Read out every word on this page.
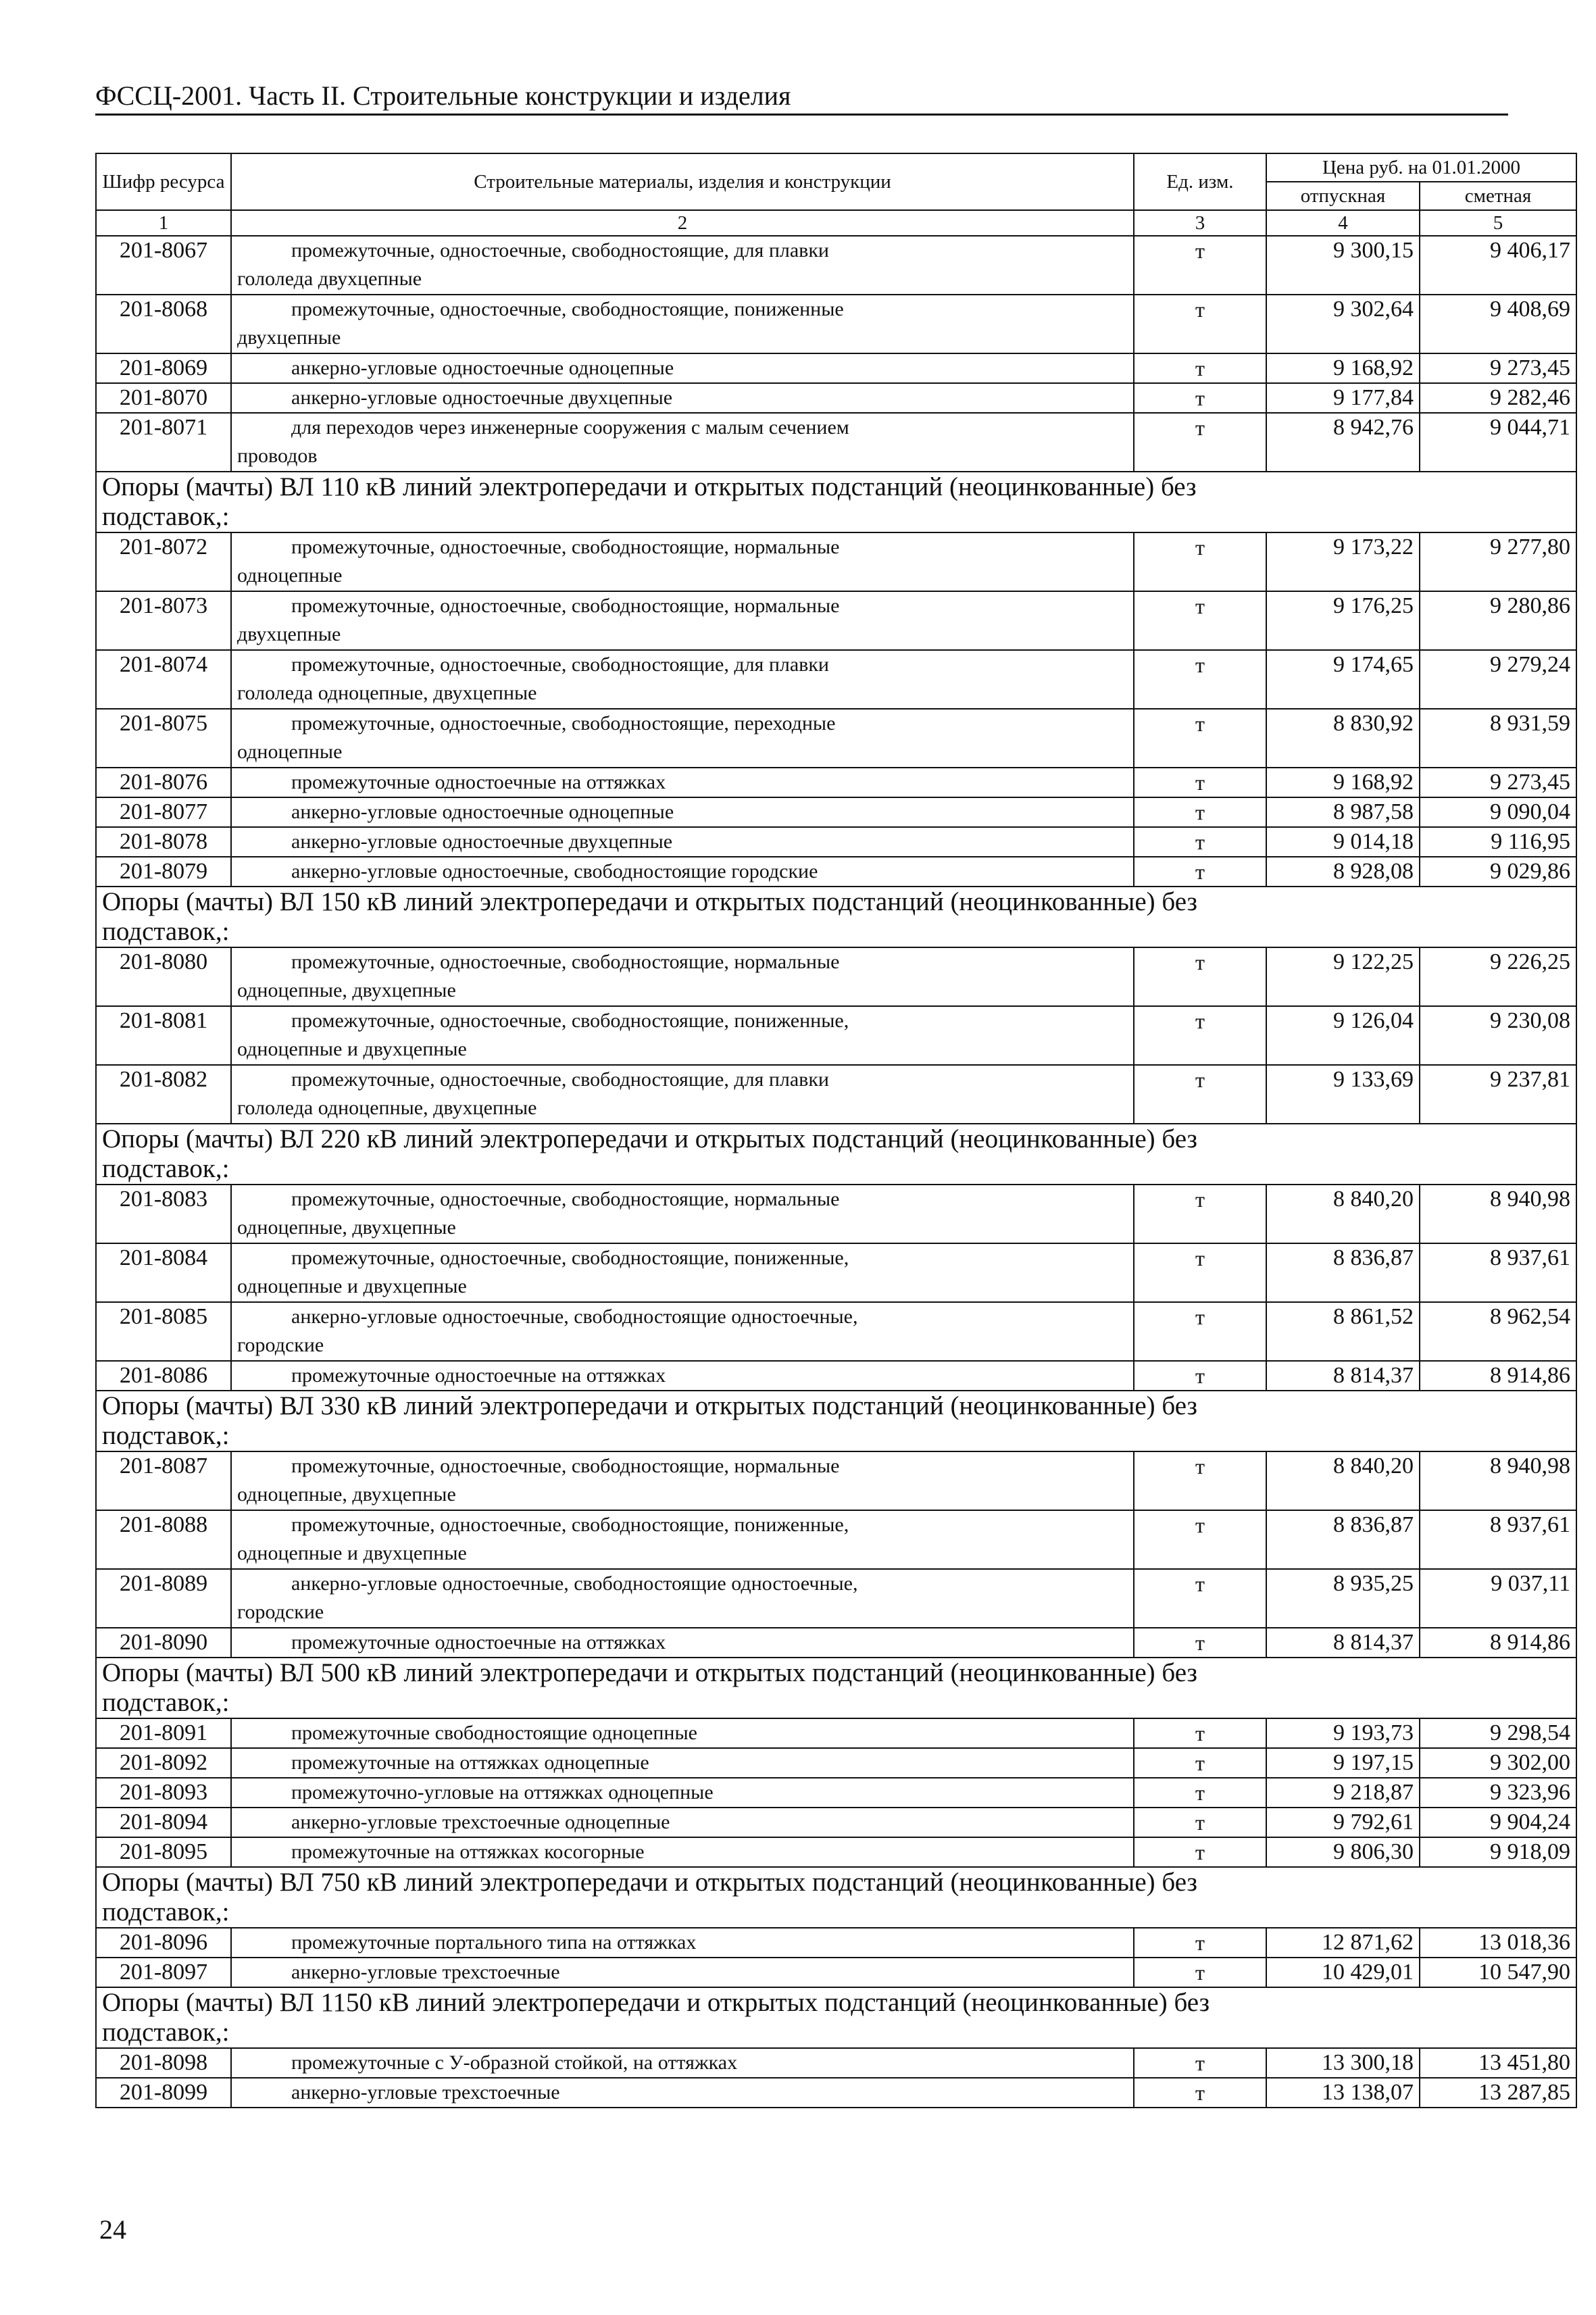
ФССЦ-2001. Часть II. Строительные конструкции и изделия
Шифр ресурса	Строительные материалы, изделия и конструкции	Ед. изм.	Цена руб. на 01.01.2000	
			отпускная	сметная
1	2	3	4	5
201-8067	промежуточные, одностоечные, свободностоящие, для плавки
гололеда двухцепные	т	9 300,15	9 406,17
201-8068	промежуточные, одностоечные, свободностоящие, пониженные
двухцепные	т	9 302,64	9 408,69
201-8069	анкерно-угловые одностоечные одноцепные	т	9 168,92	9 273,45
201-8070	анкерно-угловые одностоечные двухцепные	т	9 177,84	9 282,46
201-8071	для переходов через инженерные сооружения с малым сечением
проводов	т	8 942,76	9 044,71

Опоры (мачты) ВЛ 110 кВ линий электропередачи и открытых подстанций (неоцинкованные) без
подставок,:				

201-8072	промежуточные, одностоечные, свободностоящие, нормальные
одноцепные	т	9 173,22	9 277,80
201-8073	промежуточные, одностоечные, свободностоящие, нормальные
двухцепные	т	9 176,25	9 280,86
201-8074	промежуточные, одностоечные, свободностоящие, для плавки
гололеда одноцепные, двухцепные	т	9 174,65	9 279,24
201-8075	промежуточные, одностоечные, свободностоящие, переходные
одноцепные	т	8 830,92	8 931,59
201-8076	промежуточные одностоечные на оттяжках	т	9 168,92	9 273,45
201-8077	анкерно-угловые одностоечные одноцепные	т	8 987,58	9 090,04
201-8078	анкерно-угловые одностоечные двухцепные	т	9 014,18	9 116,95
201-8079	анкерно-угловые одностоечные, свободностоящие городские	т	8 928,08	9 029,86

Опоры (мачты) ВЛ 150 кВ линий электропередачи и открытых подстанций (неоцинкованные) без
подставок,:				

201-8080	промежуточные, одностоечные, свободностоящие, нормальные
одноцепные, двухцепные	т	9 122,25	9 226,25
201-8081	промежуточные, одностоечные, свободностоящие, пониженные,
одноцепные и двухцепные	т	9 126,04	9 230,08
201-8082	промежуточные, одностоечные, свободностоящие, для плавки
гололеда одноцепные, двухцепные	т	9 133,69	9 237,81

Опоры (мачты) ВЛ 220 кВ линий электропередачи и открытых подстанций (неоцинкованные) без
подставок,:				

201-8083	промежуточные, одностоечные, свободностоящие, нормальные
одноцепные, двухцепные	т	8 840,20	8 940,98
201-8084	промежуточные, одностоечные, свободностоящие, пониженные,
одноцепные и двухцепные	т	8 836,87	8 937,61
201-8085	анкерно-угловые одностоечные, свободностоящие одностоечные,
городские	т	8 861,52	8 962,54
201-8086	промежуточные одностоечные на оттяжках	т	8 814,37	8 914,86

Опоры (мачты) ВЛ 330 кВ линий электропередачи и открытых подстанций (неоцинкованные) без
подставок,:				

201-8087	промежуточные, одностоечные, свободностоящие, нормальные
одноцепные, двухцепные	т	8 840,20	8 940,98
201-8088	промежуточные, одностоечные, свободностоящие, пониженные,
одноцепные и двухцепные	т	8 836,87	8 937,61
201-8089	анкерно-угловые одностоечные, свободностоящие одностоечные,
городские	т	8 935,25	9 037,11
201-8090	промежуточные одностоечные на оттяжках	т	8 814,37	8 914,86

Опоры (мачты) ВЛ 500 кВ линий электропередачи и открытых подстанций (неоцинкованные) без
подставок,:				

201-8091	промежуточные свободностоящие одноцепные	т	9 193,73	9 298,54
201-8092	промежуточные на оттяжках одноцепные	т	9 197,15	9 302,00
201-8093	промежуточно-угловые на оттяжках одноцепные	т	9 218,87	9 323,96
201-8094	анкерно-угловые трехстоечные одноцепные	т	9 792,61	9 904,24
201-8095	промежуточные на оттяжках косогорные	т	9 806,30	9 918,09

Опоры (мачты) ВЛ 750 кВ линий электропередачи и открытых подстанций (неоцинкованные) без
подставок,:				

201-8096	промежуточные портального типа на оттяжках	т	12 871,62	13 018,36
201-8097	анкерно-угловые трехстоечные	т	10 429,01	10 547,90

Опоры (мачты) ВЛ 1150 кВ линий электропередачи и открытых подстанций (неоцинкованные) без
подставок,:				

201-8098	промежуточные с У-образной стойкой, на оттяжках	т	13 300,18	13 451,80
201-8099	анкерно-угловые трехстоечные	т	13 138,07	13 287,85
24
